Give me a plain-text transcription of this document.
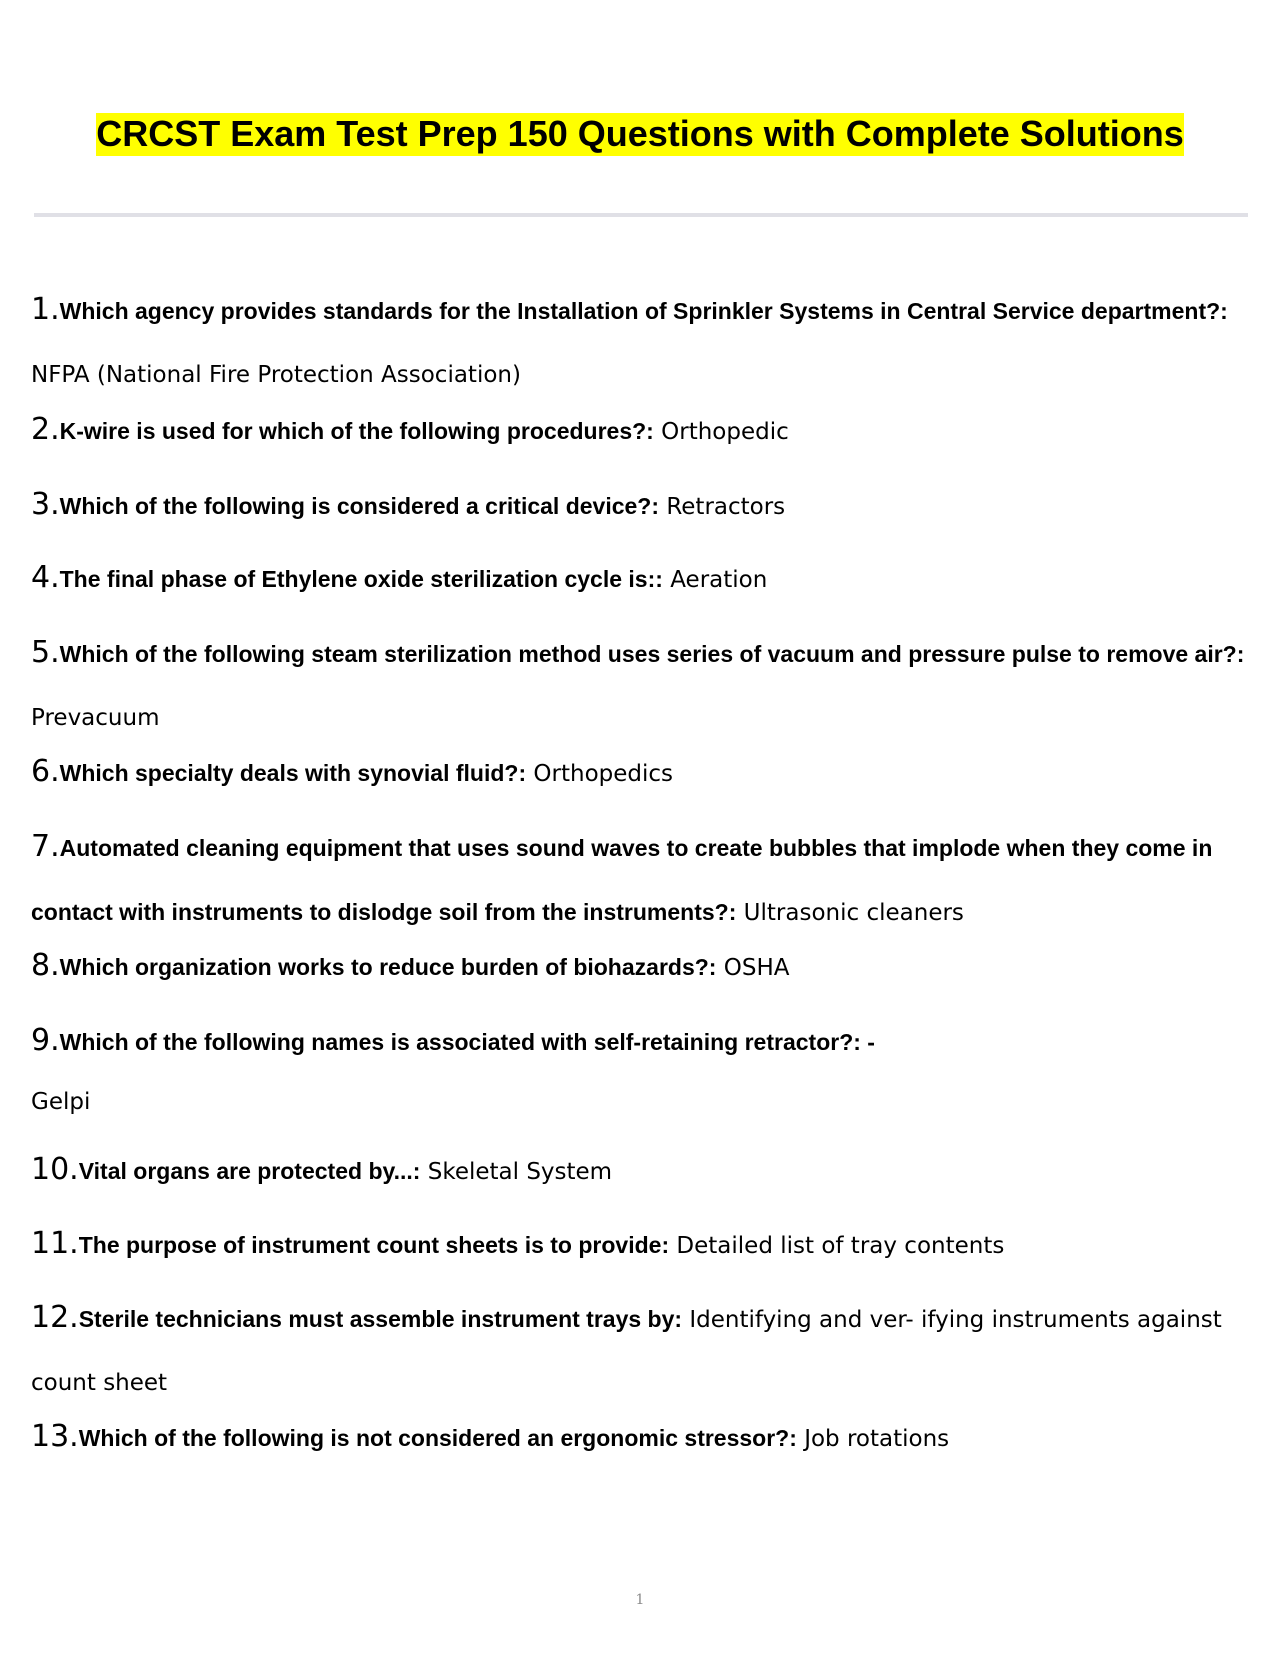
CRCST Exam Test Prep 150 Questions with Complete Solutions

1.Which agency provides standards for the Installation of Sprinkler Systems in Central Service department?: NFPA (National Fire Protection Association)

2.K-wire is used for which of the following procedures?: Orthopedic

3.Which of the following is considered a critical device?: Retractors

4.The final phase of Ethylene oxide sterilization cycle is:: Aeration

5.Which of the following steam sterilization method uses series of vacuum and pressure pulse to remove air?: Prevacuum

6.Which specialty deals with synovial fluid?: Orthopedics

7.Automated cleaning equipment that uses sound waves to create bubbles that implode when they come in contact with instruments to dislodge soil from the instruments?: Ultrasonic cleaners

8.Which organization works to reduce burden of biohazards?: OSHA

9.Which of the following names is associated with self-retaining retractor?: -

Gelpi

10.Vital organs are protected by...: Skeletal System

11.The purpose of instrument count sheets is to provide: Detailed list of tray contents

12.Sterile technicians must assemble instrument trays by: Identifying and ver- ifying instruments against count sheet

13.Which of the following is not considered an ergonomic stressor?: Job rotations

1
